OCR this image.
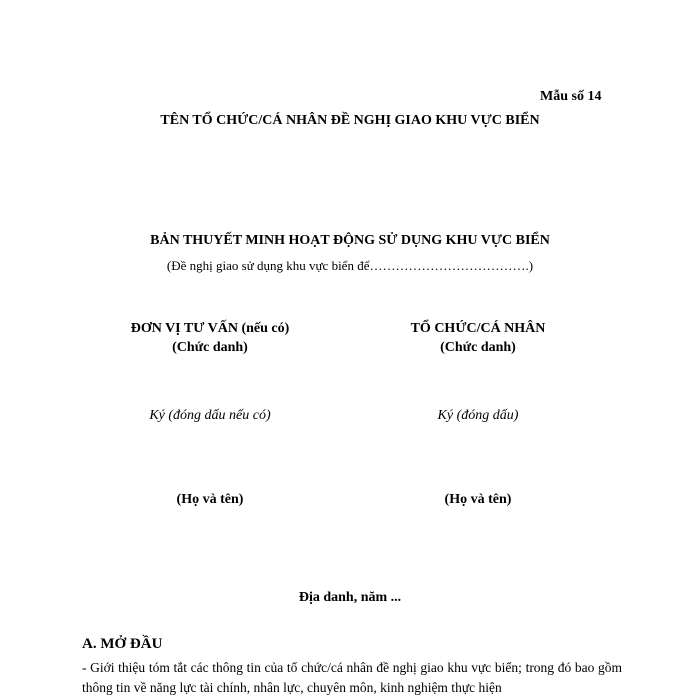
Mẫu số 14
TÊN TỔ CHỨC/CÁ NHÂN ĐỀ NGHỊ GIAO KHU VỰC BIỂN
BẢN THUYẾT MINH HOẠT ĐỘNG SỬ DỤNG KHU VỰC BIỂN
(Đề nghị giao sử dụng khu vực biển để……………………………….)
ĐƠN VỊ TƯ VẤN (nếu có)
(Chức danh)
Ký (đóng dấu nếu có)
(Họ và tên)
TỔ CHỨC/CÁ NHÂN
(Chức danh)
Ký (đóng dấu)
(Họ và tên)
Địa danh, năm ...
A. MỞ ĐẦU
- Giới thiệu tóm tắt các thông tin của tổ chức/cá nhân đề nghị giao khu vực biển; trong đó bao gồm thông tin về năng lực tài chính, nhân lực, chuyên môn, kinh nghiệm thực hiện
